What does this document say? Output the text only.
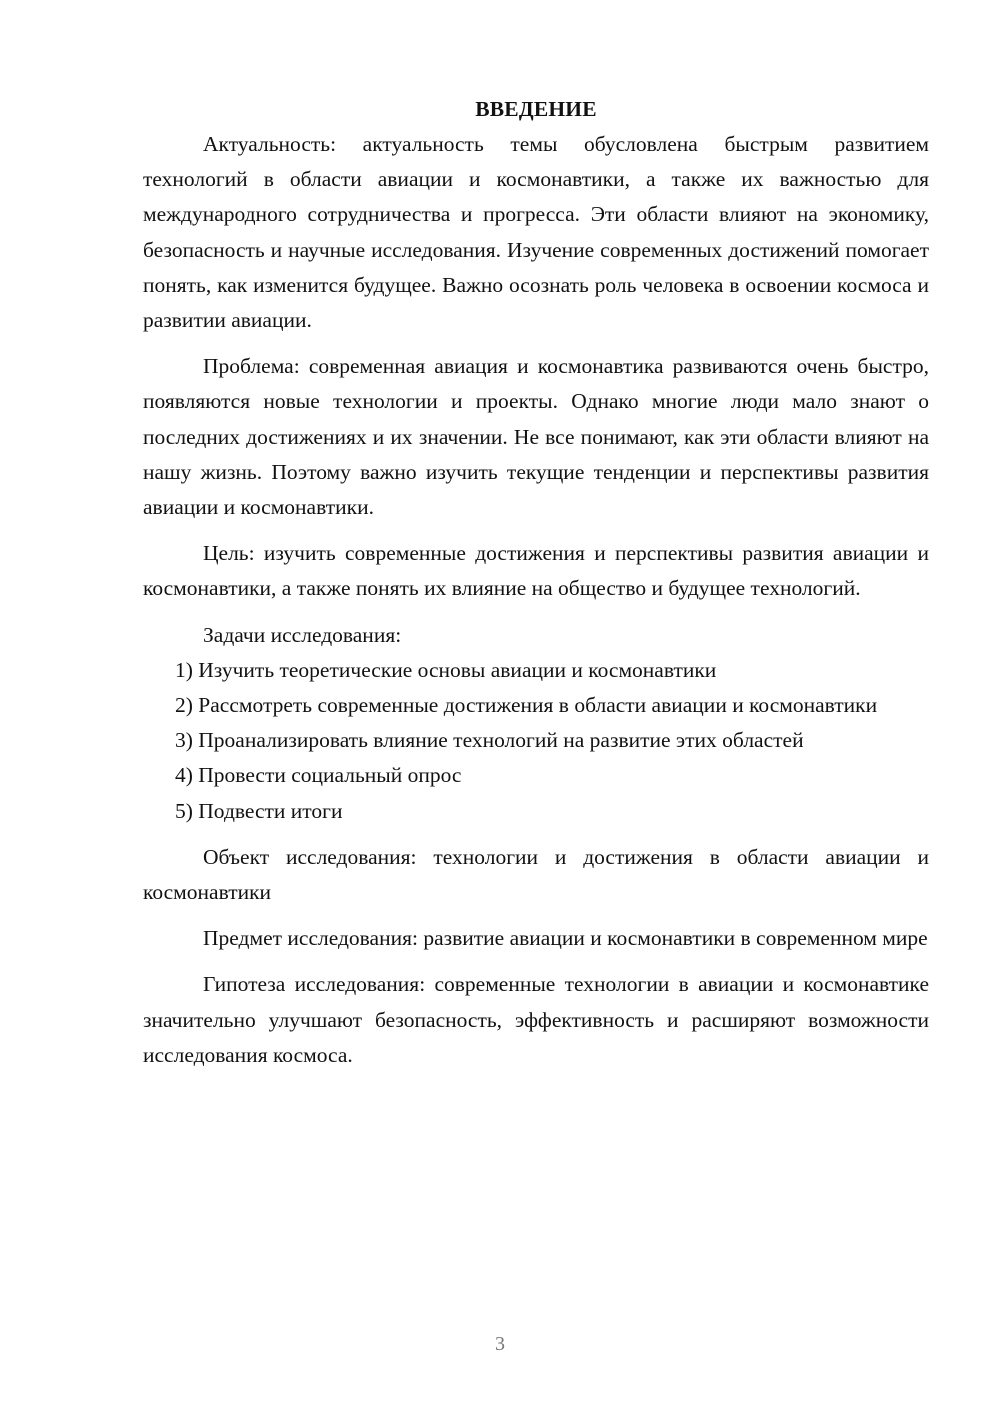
ВВЕДЕНИЕ

Актуальность: актуальность темы обусловлена быстрым развитием технологий в области авиации и космонавтики, а также их важностью для международного сотрудничества и прогресса. Эти области влияют на экономику, безопасность и научные исследования. Изучение современных достижений помогает понять, как изменится будущее. Важно осознать роль человека в освоении космоса и развитии авиации.

Проблема: современная авиация и космонавтика развиваются очень быстро, появляются новые технологии и проекты. Однако многие люди мало знают о последних достижениях и их значении. Не все понимают, как эти области влияют на нашу жизнь. Поэтому важно изучить текущие тенденции и перспективы развития авиации и космонавтики.

Цель: изучить современные достижения и перспективы развития авиации и космонавтики, а также понять их влияние на общество и будущее технологий.

Задачи исследования:

1) Изучить теоретические основы авиации и космонавтики

2) Рассмотреть современные достижения в области авиации и космонавтики

3) Проанализировать влияние технологий на развитие этих областей

4) Провести социальный опрос

5) Подвести итоги

Объект исследования: технологии и достижения в области авиации и космонавтики

Предмет исследования: развитие авиации и космонавтики в современном мире

Гипотеза исследования: современные технологии в авиации и космонавтике значительно улучшают безопасность, эффективность и расширяют возможности исследования космоса.

3
